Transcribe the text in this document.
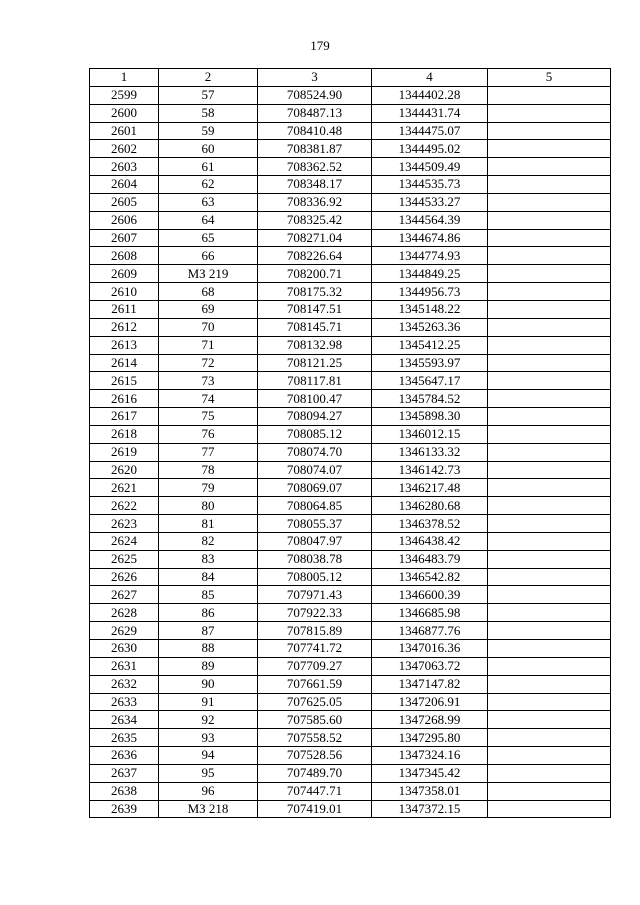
179
1	2	3	4	5
2599	57	708524.90	1344402.28	
2600	58	708487.13	1344431.74	
2601	59	708410.48	1344475.07	
2602	60	708381.87	1344495.02	
2603	61	708362.52	1344509.49	
2604	62	708348.17	1344535.73	
2605	63	708336.92	1344533.27	
2606	64	708325.42	1344564.39	
2607	65	708271.04	1344674.86	
2608	66	708226.64	1344774.93	
2609	МЗ 219	708200.71	1344849.25	
2610	68	708175.32	1344956.73	
2611	69	708147.51	1345148.22	
2612	70	708145.71	1345263.36	
2613	71	708132.98	1345412.25	
2614	72	708121.25	1345593.97	
2615	73	708117.81	1345647.17	
2616	74	708100.47	1345784.52	
2617	75	708094.27	1345898.30	
2618	76	708085.12	1346012.15	
2619	77	708074.70	1346133.32	
2620	78	708074.07	1346142.73	
2621	79	708069.07	1346217.48	
2622	80	708064.85	1346280.68	
2623	81	708055.37	1346378.52	
2624	82	708047.97	1346438.42	
2625	83	708038.78	1346483.79	
2626	84	708005.12	1346542.82	
2627	85	707971.43	1346600.39	
2628	86	707922.33	1346685.98	
2629	87	707815.89	1346877.76	
2630	88	707741.72	1347016.36	
2631	89	707709.27	1347063.72	
2632	90	707661.59	1347147.82	
2633	91	707625.05	1347206.91	
2634	92	707585.60	1347268.99	
2635	93	707558.52	1347295.80	
2636	94	707528.56	1347324.16	
2637	95	707489.70	1347345.42	
2638	96	707447.71	1347358.01	
2639	МЗ 218	707419.01	1347372.15	
